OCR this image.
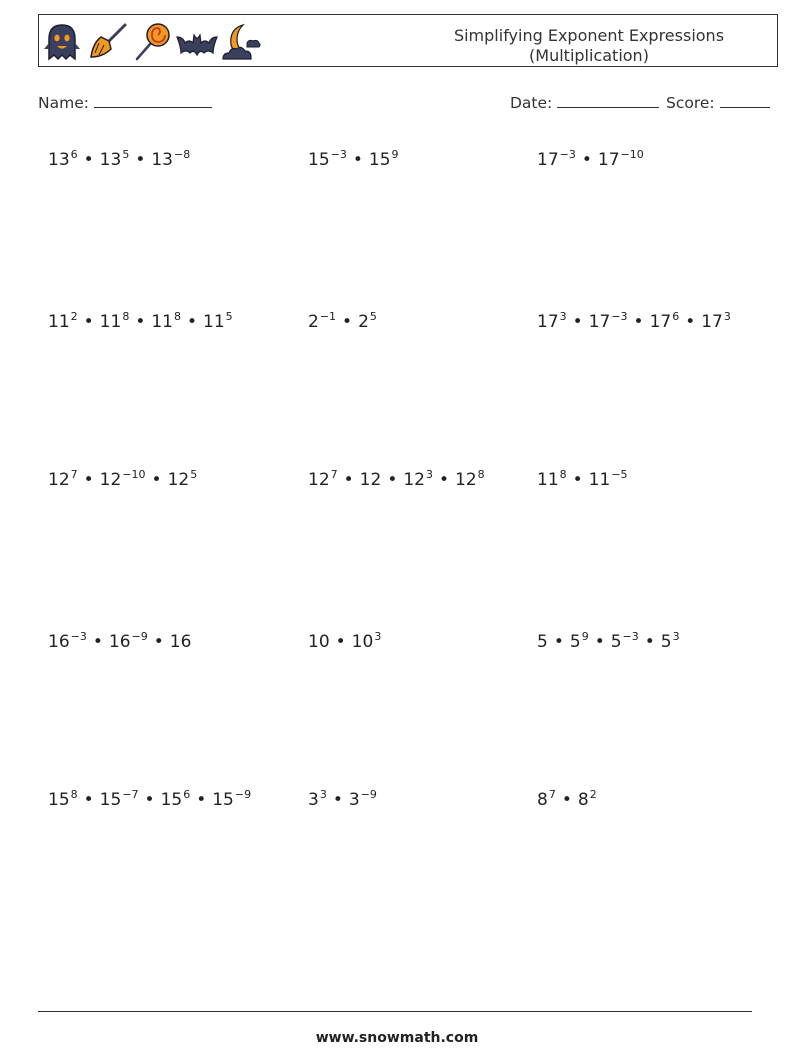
Simplifying Exponent Expressions
(Multiplication)
Name:	Date:	Score:
$13^6$ • $13^5$ • $13^{-8}$	$15^{-3}$ • $15^9$	$17^{-3}$ • $17^{-10}$
$11^2$ • $11^8$ • $11^8$ • $11^5$	$2^{-1}$ • $2^5$	$17^3$ • $17^{-3}$ • $17^6$ • $17^3$
$12^7$ • $12^{-10}$ • $12^5$	$12^7$ • 12 • $12^3$ • $12^8$	$11^8$ • $11^{-5}$
$16^{-3}$ • $16^{-9}$ • 16	10 • $10^3$	5 • $5^9$ • $5^{-3}$ • $5^3$
$15^8$ • $15^{-7}$ • $15^6$ • $15^{-9}$	$3^3$ • $3^{-9}$	$8^7$ • $8^2$
www.snowmath.com
